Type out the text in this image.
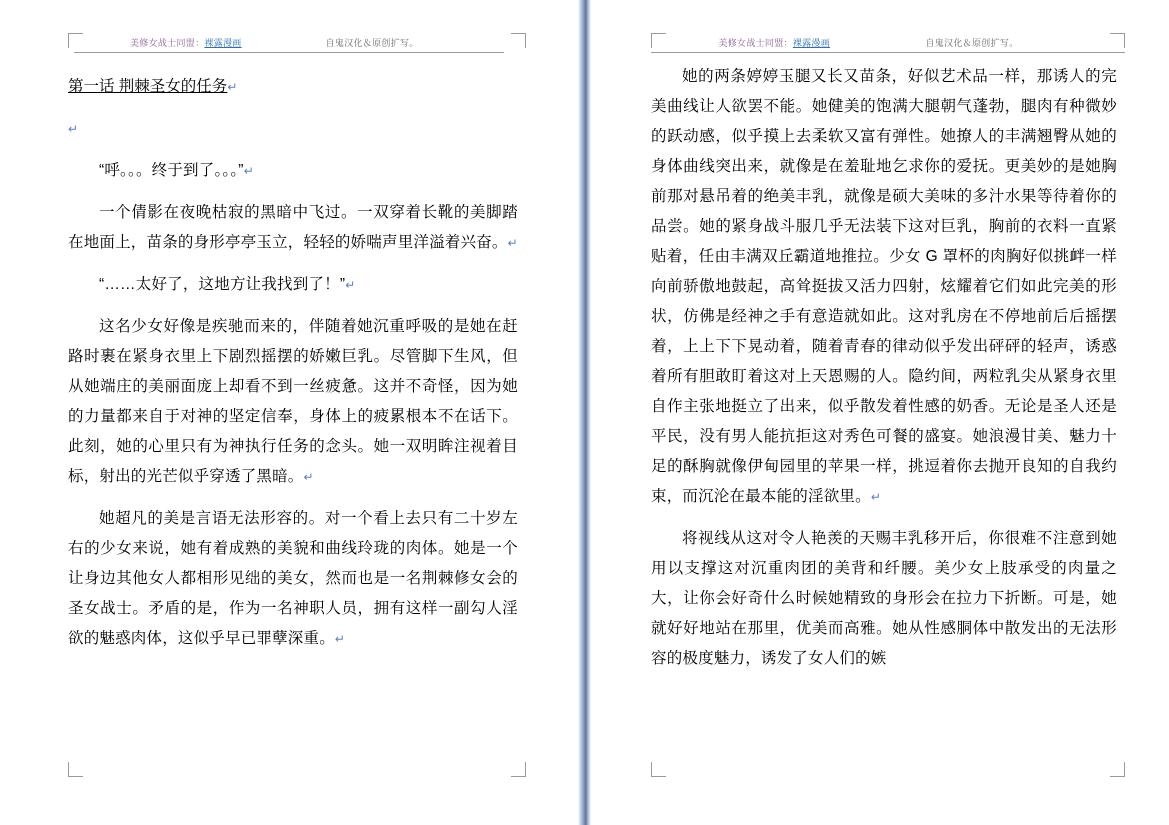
美修女战士同盟：裸露漫画	自鬼汉化＆原创扩写。
第一话 荆棘圣女的任务↵

↵

“呼。。。终于到了。。。”↵

一个倩影在夜晚枯寂的黑暗中飞过。一双穿着长靴的美脚踏在地面上，苗条的身形亭亭玉立，轻轻的娇喘声里洋溢着兴奋。↵

“……太好了，这地方让我找到了！”↵

这名少女好像是疾驰而来的，伴随着她沉重呼吸的是她在赶路时裹在紧身衣里上下剧烈摇摆的娇嫩巨乳。尽管脚下生风，但从她端庄的美丽面庞上却看不到一丝疲惫。这并不奇怪，因为她的力量都来自于对神的坚定信奉，身体上的疲累根本不在话下。此刻，她的心里只有为神执行任务的念头。她一双明眸注视着目标，射出的光芒似乎穿透了黑暗。↵

她超凡的美是言语无法形容的。对一个看上去只有二十岁左右的少女来说，她有着成熟的美貌和曲线玲珑的肉体。她是一个让身边其他女人都相形见绌的美女，然而也是一名荆棘修女会的圣女战士。矛盾的是，作为一名神职人员，拥有这样一副勾人淫欲的魅惑肉体，这似乎早已罪孽深重。↵

美修女战士同盟：裸露漫画	自鬼汉化＆原创扩写。

她的两条婷婷玉腿又长又苗条，好似艺术品一样，那诱人的完美曲线让人欲罢不能。她健美的饱满大腿朝气蓬勃，腿肉有种微妙的跃动感，似乎摸上去柔软又富有弹性。她撩人的丰满翘臀从她的身体曲线突出来，就像是在羞耻地乞求你的爱抚。更美妙的是她胸前那对悬吊着的绝美丰乳，就像是硕大美味的多汁水果等待着你的品尝。她的紧身战斗服几乎无法装下这对巨乳，胸前的衣料一直紧贴着，任由丰满双丘霸道地推拉。少女 G 罩杯的肉胸好似挑衅一样向前骄傲地鼓起，高耸挺拔又活力四射，炫耀着它们如此完美的形状，仿佛是经神之手有意造就如此。这对乳房在不停地前后后摇摆着，上上下下晃动着，随着青春的律动似乎发出砰砰的轻声，诱惑着所有胆敢盯着这对上天恩赐的人。隐约间，两粒乳尖从紧身衣里自作主张地挺立了出来，似乎散发着性感的奶香。无论是圣人还是平民，没有男人能抗拒这对秀色可餐的盛宴。她浪漫甘美、魅力十足的酥胸就像伊甸园里的苹果一样，挑逗着你去抛开良知的自我约束，而沉沦在最本能的淫欲里。↵

将视线从这对令人艳羡的天赐丰乳移开后，你很难不注意到她用以支撑这对沉重肉团的美背和纤腰。美少女上肢承受的肉量之大，让你会好奇什么时候她精致的身形会在拉力下折断。可是，她就好好地站在那里，优美而高雅。她从性感胴体中散发出的无法形容的极度魅力，诱发了女人们的嫉
